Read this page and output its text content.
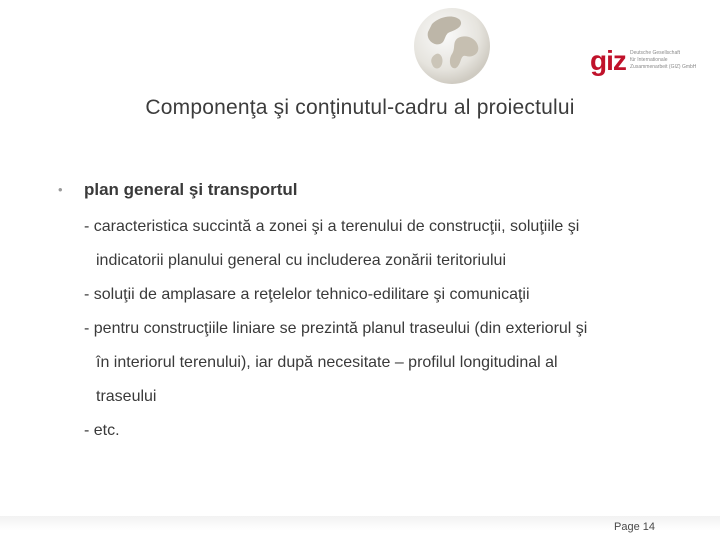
giz Deutsche Gesellschaft
für Internationale
Zusammenarbeit (GIZ) GmbH
Componenţa şi conţinutul-cadru al proiectului
• plan general şi transportul
- caracteristica succintă a zonei şi a terenului de construcţii, soluţiile şi
indicatorii planului general cu includerea zonării teritoriului
- soluţii de amplasare a reţelelor tehnico-edilitare şi comunicaţii
- pentru construcţiile liniare se prezintă planul traseului (din exteriorul şi
în interiorul terenului), iar după necesitate – profilul longitudinal al
traseului
- etc.
Page 14
